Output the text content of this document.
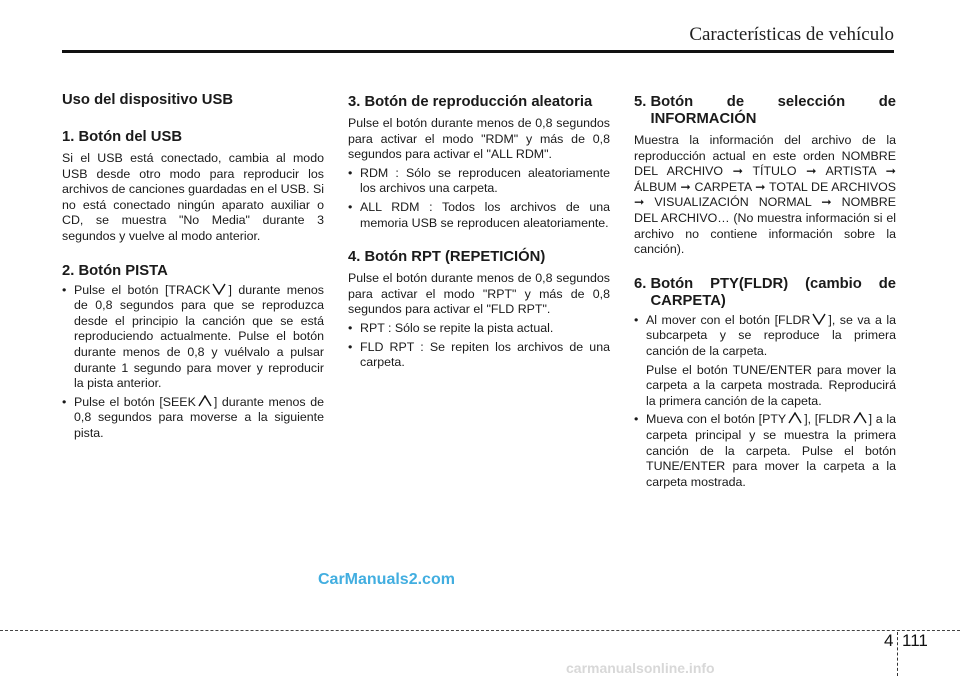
Características de vehículo
Uso del dispositivo USB
1. Botón del USB

Si el USB está conectado, cambia al modo USB desde otro modo para reproducir los archivos de canciones guardadas en el USB. Si no está conectado ningún aparato auxiliar o CD, se muestra "No Media" durante 3 segundos y vuelve al modo anterior.

2. Botón PISTA
• Pulse el botón [TRACK ] durante menos de 0,8 segundos para que se reproduzca desde el principio la canción que se está reproduciendo actualmente. Pulse el botón durante menos de 0,8 y vuélvalo a pulsar durante 1 segundo para mover y reproducir la pista anterior.
• Pulse el botón [SEEK ] durante menos de 0,8 segundos para moverse a la siguiente pista.
3. Botón de reproducción aleatoria

Pulse el botón durante menos de 0,8 segundos para activar el modo "RDM" y más de 0,8 segundos para activar el "ALL RDM".

• RDM : Sólo se reproducen aleatoriamente los archivos una carpeta.
• ALL RDM : Todos los archivos de una memoria USB se reproducen aleatoriamente.
4. Botón RPT (REPETICIÓN)

Pulse el botón durante menos de 0,8 segundos para activar el modo "RPT" y más de 0,8 segundos para activar el "FLD RPT".

• RPT : Sólo se repite la pista actual.
• FLD RPT : Se repiten los archivos de una carpeta.
5. Botón de selección de INFORMACIÓN

Muestra la información del archivo de la reproducción actual en este orden NOMBRE DEL ARCHIVO ➞ TÍTULO ➞ ARTISTA ➞ ÁLBUM ➞ CARPETA ➞ TOTAL DE ARCHIVOS ➞ VISUALIZACIÓN NORMAL ➞ NOMBRE DEL ARCHIVO… (No muestra información si el archivo no contiene información sobre la canción).

6. Botón PTY(FLDR) (cambio de CARPETA)
• Al mover con el botón [FLDR ], se va a la subcarpeta y se reproduce la primera canción de la carpeta.

Pulse el botón TUNE/ENTER para mover la carpeta a la carpeta mostrada. Reproducirá la primera canción de la capeta.

• Mueva con el botón [PTY ], [FLDR ] a la carpeta principal y se muestra la primera canción de la carpeta. Pulse el botón TUNE/ENTER para mover la carpeta a la carpeta mostrada.
CarManuals2.com
4 111
carmanualsonline.info
